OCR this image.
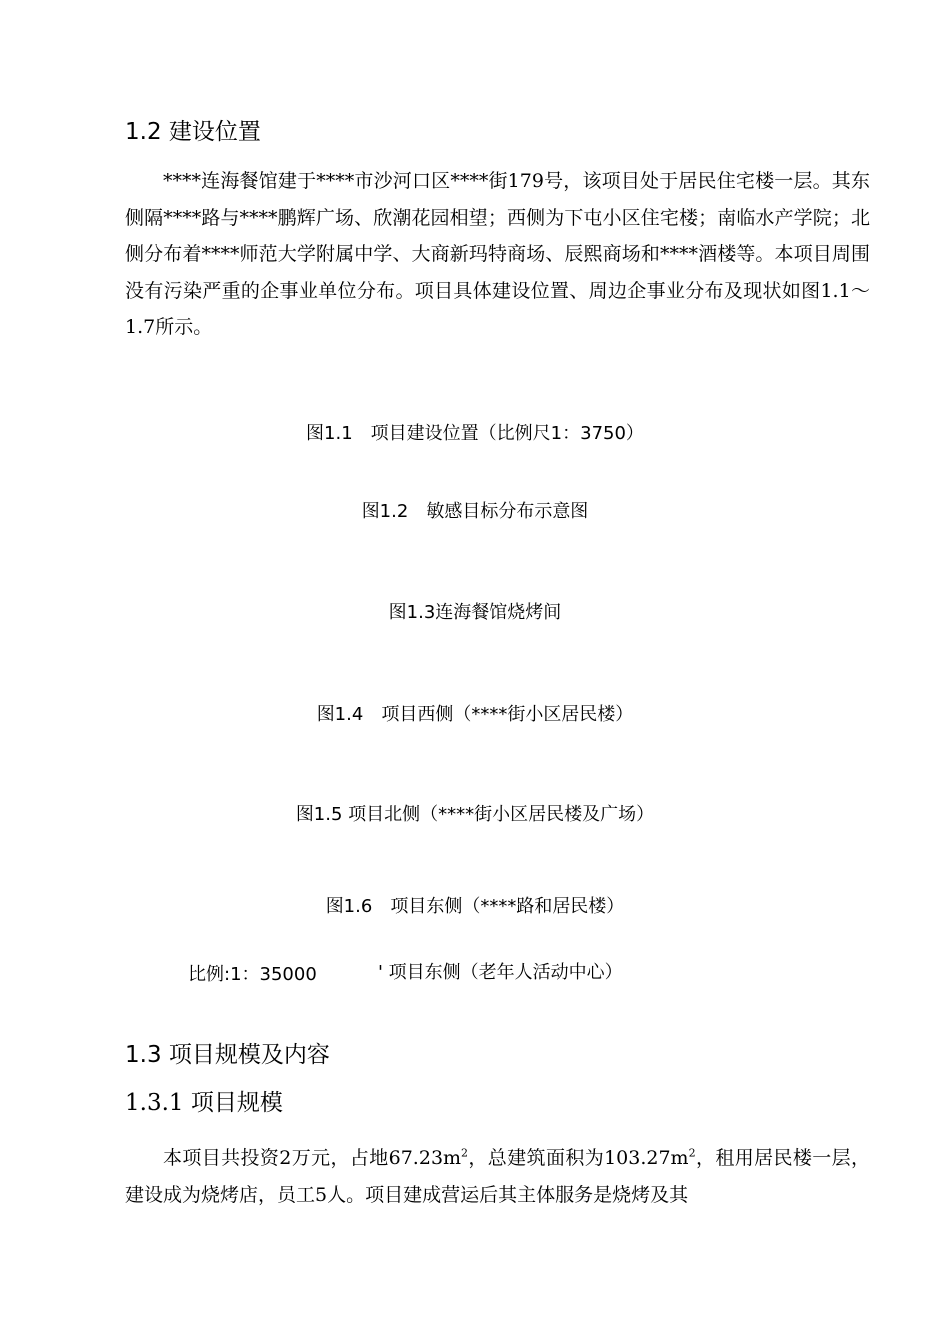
1.2 建设位置

****连海餐馆建于****市沙河口区****街179号，该项目处于居民住宅楼一层。其东侧隔****路与****鹏辉广场、欣潮花园相望；西侧为下屯小区住宅楼；南临水产学院；北侧分布着****师范大学附属中学、大商新玛特商场、辰熙商场和****酒楼等。本项目周围没有污染严重的企事业单位分布。项目具体建设位置、周边企事业分布及现状如图1.1～1.7所示。

图1.1　项目建设位置（比例尺1：3750）
图1.2　敏感目标分布示意图
图1.3连海餐馆烧烤间
图1.4　项目西侧（****街小区居民楼）
图1.5 项目北侧（****街小区居民楼及广场）
图1.6　项目东侧（****路和居民楼）
比例:1：35000	' 项目东侧（老年人活动中心）
1.3 项目规模及内容
1.3.1 项目规模

本项目共投资2万元，占地$67.23m^2$，总建筑面积为$103.27m^2$，租用居民楼一层，建设成为烧烤店，员工5人。项目建成营运后其主体服务是烧烤及其
